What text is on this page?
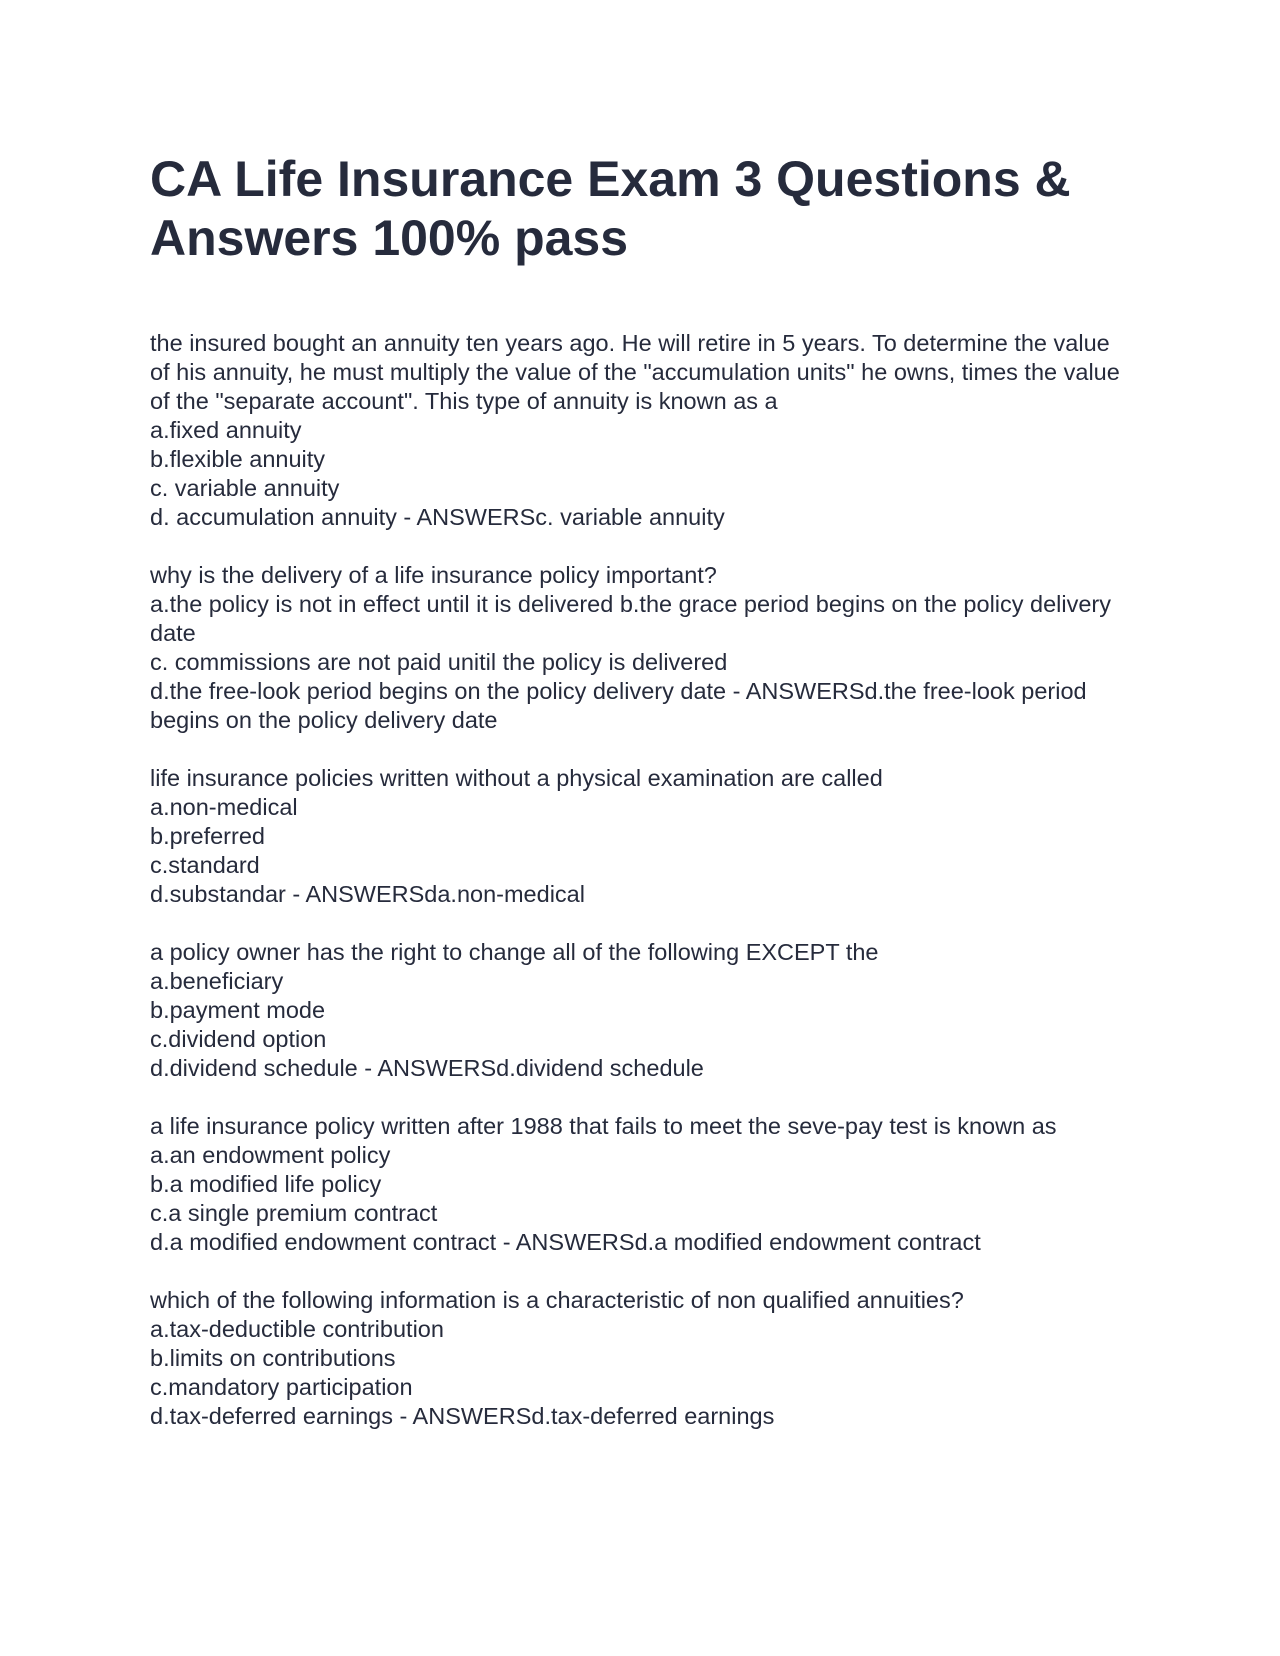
CA Life Insurance Exam 3 Questions & Answers 100% pass
the insured bought an annuity ten years ago. He will retire in 5 years. To determine the value of his annuity, he must multiply the value of the "accumulation units" he owns, times the value of the "separate account". This type of annuity is known as a
a.fixed annuity
b.flexible annuity
c. variable annuity
d. accumulation annuity - ANSWERSc. variable annuity
why is the delivery of a life insurance policy important?
a.the policy is not in effect until it is delivered b.the grace period begins on the policy delivery date
c. commissions are not paid unitil the policy is delivered
d.the free-look period begins on the policy delivery date - ANSWERSd.the free-look period begins on the policy delivery date
life insurance policies written without a physical examination are called
a.non-medical
b.preferred
c.standard
d.substandar - ANSWERSda.non-medical
a policy owner has the right to change all of the following EXCEPT the
a.beneficiary
b.payment mode
c.dividend option
d.dividend schedule - ANSWERSd.dividend schedule
a life insurance policy written after 1988 that fails to meet the seve-pay test is known as
a.an endowment policy
b.a modified life policy
c.a single premium contract
d.a modified endowment contract - ANSWERSd.a modified endowment contract
which of the following information is a characteristic of non qualified annuities?
a.tax-deductible contribution
b.limits on contributions
c.mandatory participation
d.tax-deferred earnings - ANSWERSd.tax-deferred earnings
